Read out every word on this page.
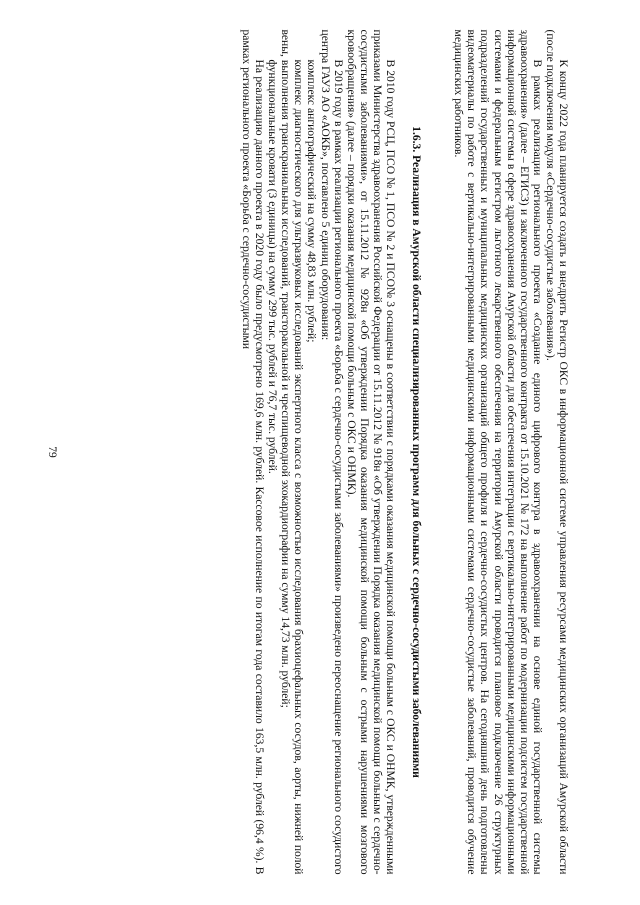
79	К концу 2022 года планируется создать и внедрить Регистр ОКС в информационной системе управления ресурсами медицинских организаций Амурской области (после подключения модуля «Сердечно-сосудистые заболевания»).

В рамках реализации регионального проекта «Создание единого цифрового контура в здравоохранении на основе единой государственной системы здравоохранения» (далее – ЕГИСЗ) и заключенного государственного контракта от 15.10.2021 № 172 на выполнение работ по модернизации подсистем государственной информационной системы в сфере здравоохранения Амурской области для обеспечения интеграции с вертикально-интегрированными медицинскими информационными системами и федеральным регистром льготного лекарственного обеспечения на территории Амурской области проводится плановое подключение 26 структурных подразделений государственных и муниципальных медицинских организаций общего профиля и сердечно-сосудистых центров. На сегодняшний день подготовлены видеоматериалы по работе с вертикально-интегрированными медицинскими информационными системами сердечно-сосудистые заболеваний, проводится обучение медицинских работников.

1.6.3. Реализация в Амурской области специализированных программ для больных с сердечно-сосудистыми заболеваниями

В 2010 году РСЦ, ПСО № 1, ПСО № 2 и ПСО№ 3 оснащены в соответствии с порядками оказания медицинской помощи больным с ОКС и ОНМК, утвержденными приказами Министерства здравоохранения Российской Федерации от 15.11.2012 № 918н «Об утверждении Порядка оказания медицинской помощи больным с сердечно-сосудистыми заболеваниями», от 15.11.2012 № 928н «Об утверждении Порядка оказания медицинской помощи больным с острыми нарушениями мозгового кровообращения» (далее – порядки оказания медицинской помощи больным с ОКС и ОНМК).

В 2019 году в рамках реализации регионального проекта «Борьба с сердечно-сосудистыми заболеваниями» произведено переоснащение регионального сосудистого центра ГАУЗ АО «АОКБ», поставлено 5 единиц оборудования:

комплекс ангиографический на сумму 48,83 млн. рублей;

комплекс диагностического для ультразвуковых исследований экспертного класса с возможностью исследования брахиоцефальных сосудов, аорты, нижней полой вены, выполнения транскраниальных исследований, транстораклаьной и чреспищеводной эхокардиографии на сумму 14,73 млн. рублей;

функциональные кровати (3 единицы) на сумму 299 тыс. рублей и 76,7 тыс. рублей.

На реализацию данного проекта в 2020 году было предусмотрено 169,6 млн. рублей. Кассовое исполнение по итогам года составило 163,5 млн. рублей (96,4 %). В рамках регионального проекта «Борьба с сердечно-сосудистыми
